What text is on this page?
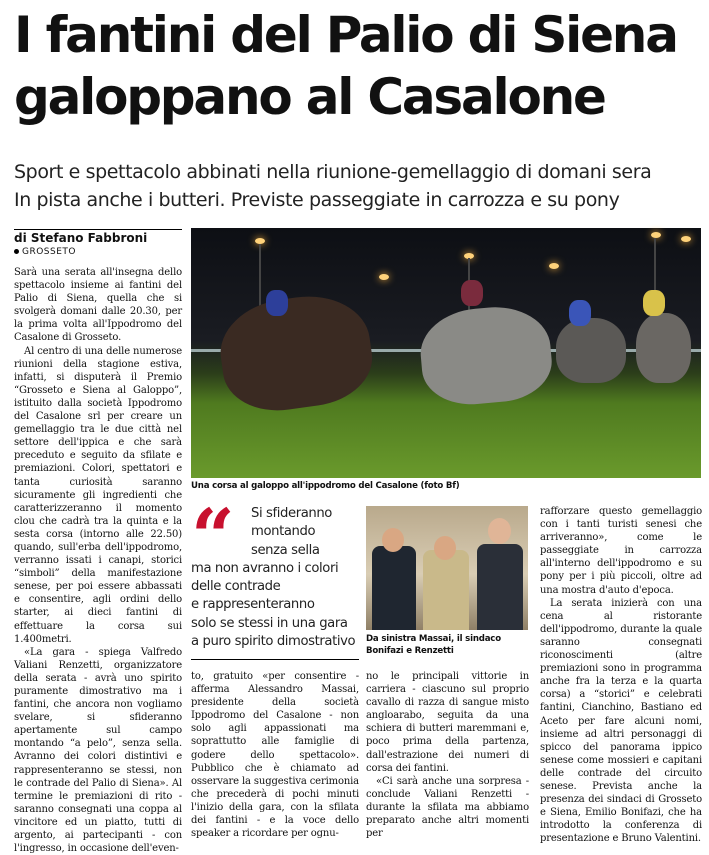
I fantini del Palio di Siena
galoppano al Casalone
Sport e spettacolo abbinati nella riunione-gemellaggio di domani sera
In pista anche i butteri. Previste passeggiate in carrozza e su pony
di Stefano Fabbroni
GROSSETO

Sarà una serata all'insegna dello spettacolo insieme ai fantini del Palio di Siena, quella che si svolgerà domani dalle 20.30, per la prima volta all'Ippodromo del Casalone di Grosseto.

Al centro di una delle numerose riunioni della stagione estiva, infatti, si disputerà il Premio “Grosseto e Siena al Galoppo”, istituito dalla società Ippodromo del Casalone srl per creare un gemellaggio tra le due città nel settore dell'ippica e che sarà preceduto e seguito da sfilate e premiazioni. Colori, spettatori e tanta curiosità saranno sicuramente gli ingredienti che caratterizzeranno il momento clou che cadrà tra la quinta e la sesta corsa (intorno alle 22.50) quando, sull'erba dell'ippodromo, verranno issati i canapi, storici “simboli” della manifestazione senese, per poi essere abbassati e consentire, agli ordini dello starter, ai dieci fantini di effettuare la corsa sui 1.400metri.

«La gara - spiega Valfredo Valiani Renzetti, organizzatore della serata - avrà uno spirito puramente dimostrativo ma i fantini, che ancora non vogliamo svelare, si sfideranno apertamente sul campo montando “a pelo”, senza sella. Avranno dei colori distintivi e rappresenteranno se stessi, non le contrade del Palio di Siena». Al termine le premiazioni di rito - saranno consegnati una coppa al vincitore ed un piatto, tutti di argento, ai partecipanti - con l'ingresso, in occasione dell'even-

Una corsa al galoppo all'ippodromo del Casalone (foto Bf)
“	Si sfideranno
montando
senza sella
ma non avranno i colori
delle contrade
e rappresenteranno
solo se stessi in una gara
a puro spirito dimostrativo

to, gratuito «per consentire - afferma Alessandro Massai, presidente della società Ippodromo del Casalone - non solo agli appassionati ma soprattutto alle famiglie di godere dello spettacolo». Pubblico che è chiamato ad osservare la suggestiva cerimonia che precederà di pochi minuti l'inizio della gara, con la sfilata dei fantini - e la voce dello speaker a ricordare per ognu-

Da sinistra Massai, il sindaco
Bonifazi e Renzetti

no le principali vittorie in carriera - ciascuno sul proprio cavallo di razza di sangue misto angloarabo, seguita da una schiera di butteri maremmani e, poco prima della partenza, dall'estrazione dei numeri di corsa dei fantini.

«Ci sarà anche una sorpresa - conclude Valiani Renzetti - durante la sfilata ma abbiamo preparato anche altri momenti per

rafforzare questo gemellaggio con i tanti turisti senesi che arriveranno», come le passeggiate in carrozza all'interno dell'ippodromo e su pony per i più piccoli, oltre ad una mostra d'auto d'epoca.

La serata inizierà con una cena al ristorante dell'ippodromo, durante la quale saranno consegnati riconoscimenti (altre premiazioni sono in programma anche fra la terza e la quarta corsa) a “storici” e celebrati fantini, Cianchino, Bastiano ed Aceto per fare alcuni nomi, insieme ad altri personaggi di spicco del panorama ippico senese come mossieri e capitani delle contrade del circuito senese. Prevista anche la presenza dei sindaci di Grosseto e Siena, Emilio Bonifazi, che ha introdotto la conferenza di presentazione e Bruno Valentini.
